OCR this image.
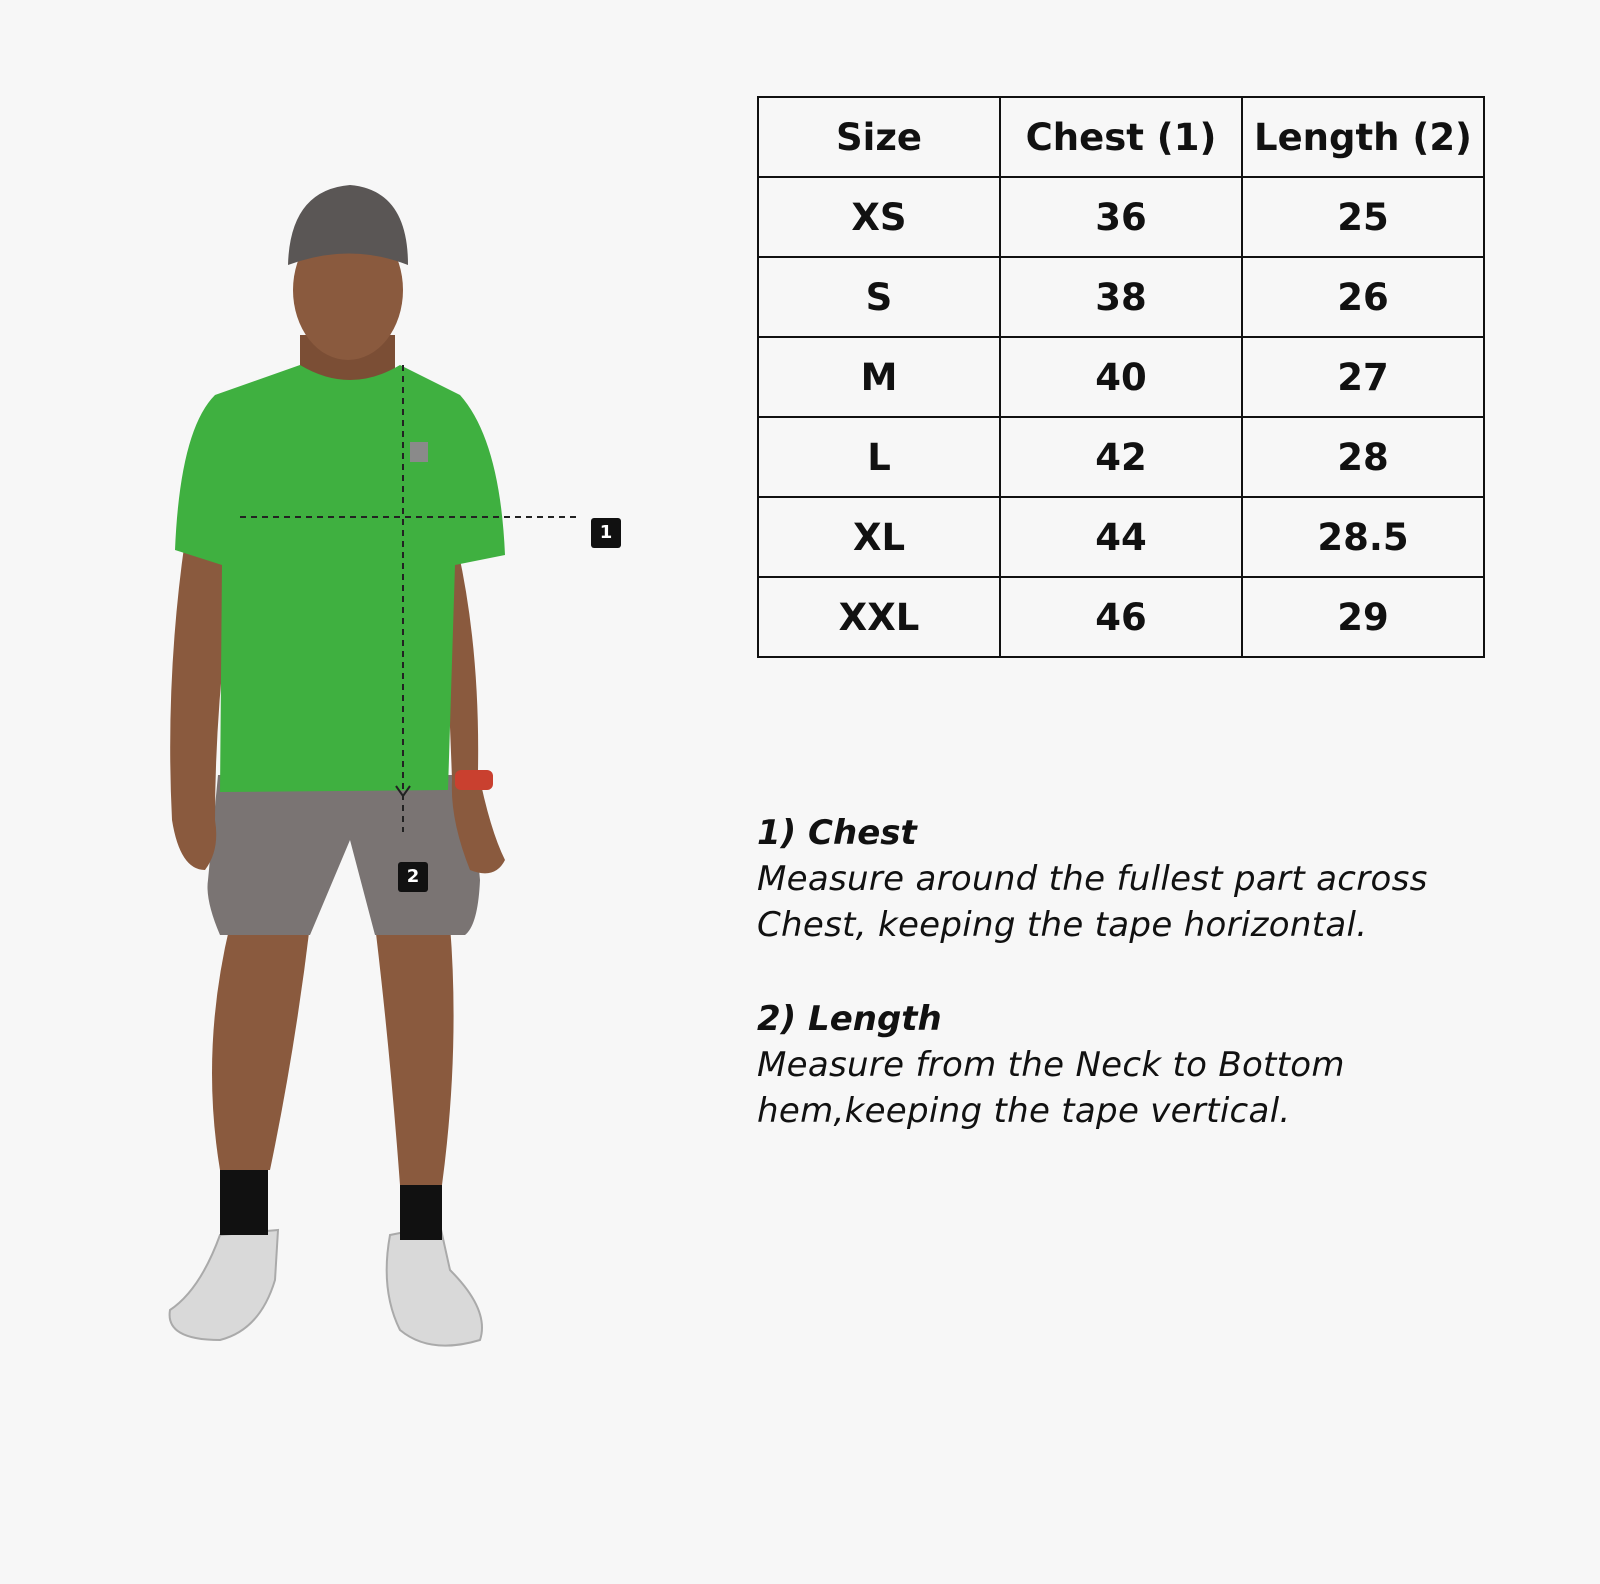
1
2
Size	Chest (1)	Length (2)
XS	36	25
S	38	26
M	40	27
L	42	28
XL	44	28.5
XXL	46	29
1) Chest
Measure around the fullest part across
Chest, keeping the tape horizontal.
2) Length
Measure from the Neck to Bottom
hem,keeping the tape vertical.
